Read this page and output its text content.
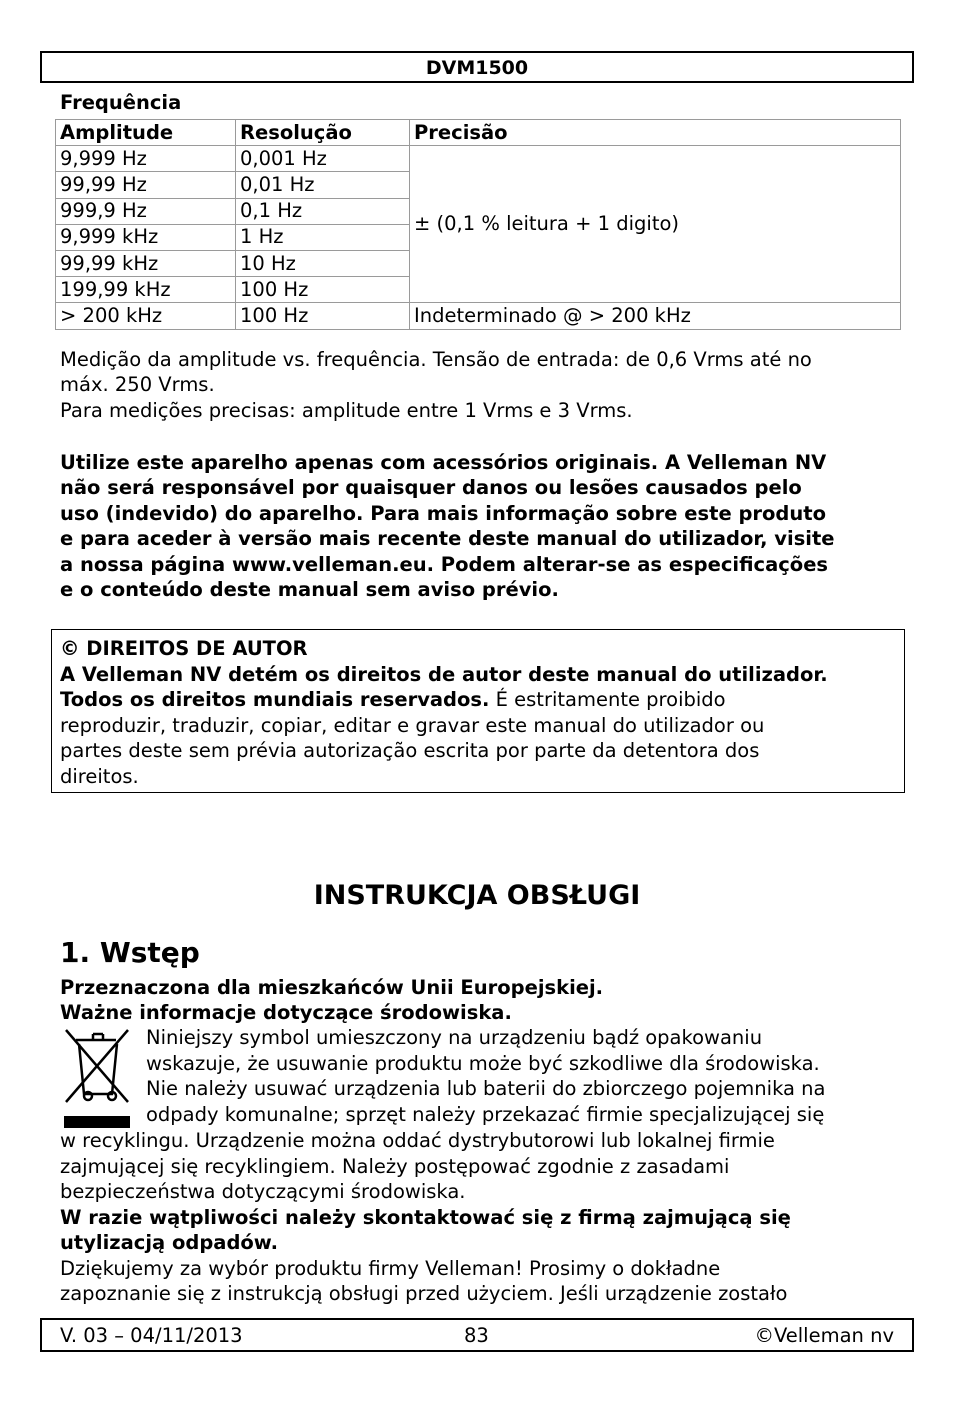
DVM1500
Frequência
Amplitude	Resolução	Precisão
9,999 Hz	0,001 Hz	± (0,1 % leitura + 1 digito)
99,99 Hz	0,01 Hz	
999,9 Hz	0,1 Hz	
9,999 kHz	1 Hz	
99,99 kHz	10 Hz	
199,99 kHz	100 Hz	
> 200 kHz	100 Hz	Indeterminado @ > 200 kHz
Medição da amplitude vs. frequência. Tensão de entrada: de 0,6 Vrms até no
máx. 250 Vrms.
Para medições precisas: amplitude entre 1 Vrms e 3 Vrms.
Utilize este aparelho apenas com acessórios originais. A Velleman NV
não será responsável por quaisquer danos ou lesões causados pelo
uso (indevido) do aparelho. Para mais informação sobre este produto
e para aceder à versão mais recente deste manual do utilizador, visite
a nossa página www.velleman.eu. Podem alterar-se as especificações
e o conteúdo deste manual sem aviso prévio.
© DIREITOS DE AUTOR
A Velleman NV detém os direitos de autor deste manual do utilizador.
Todos os direitos mundiais reservados. É estritamente proibido
reproduzir, traduzir, copiar, editar e gravar este manual do utilizador ou
partes deste sem prévia autorização escrita por parte da detentora dos
direitos.
INSTRUKCJA OBSŁUGI
1. Wstęp
Przeznaczona dla mieszkańców Unii Europejskiej.
Ważne informacje dotyczące środowiska.
Niniejszy symbol umieszczony na urządzeniu bądź opakowaniu
wskazuje, że usuwanie produktu może być szkodliwe dla środowiska.
Nie należy usuwać urządzenia lub baterii do zbiorczego pojemnika na
odpady komunalne; sprzęt należy przekazać firmie specjalizującej się
w recyklingu. Urządzenie można oddać dystrybutorowi lub lokalnej firmie
zajmującej się recyklingiem. Należy postępować zgodnie z zasadami
bezpieczeństwa dotyczącymi środowiska.
W razie wątpliwości należy skontaktować się z firmą zajmującą się
utylizacją odpadów.
Dziękujemy za wybór produktu firmy Velleman! Prosimy o dokładne
zapoznanie się z instrukcją obsługi przed użyciem. Jeśli urządzenie zostało
V. 03 – 04/11/2013	83	©Velleman nv
